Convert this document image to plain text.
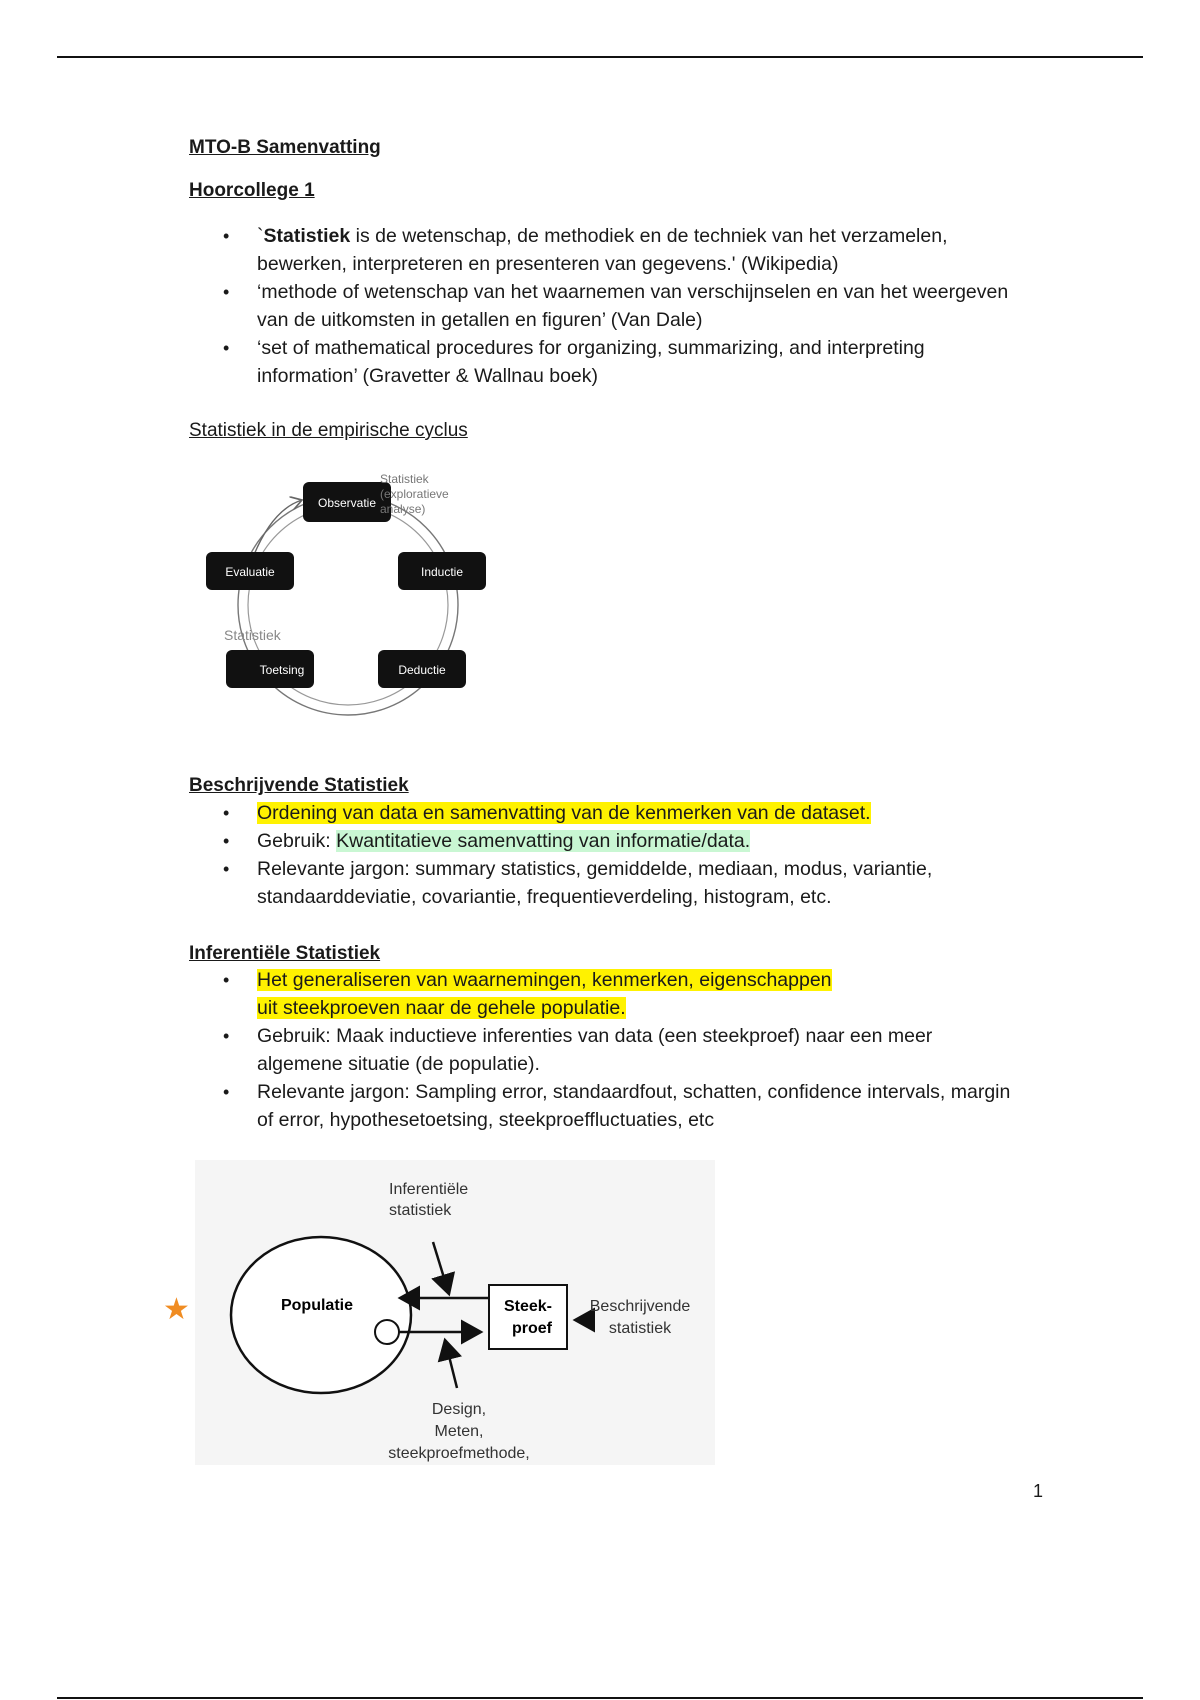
MTO-B Samenvatting
Hoorcollege 1
• `Statistiek is de wetenschap, de methodiek en de techniek van het verzamelen, bewerken, interpreteren en presenteren van gegevens.' (Wikipedia)
• ‘methode of wetenschap van het waarnemen van verschijnselen en van het weergeven van de uitkomsten in getallen en figuren’ (Van Dale)
• ‘set of mathematical procedures for organizing, summarizing, and interpreting information’ (Gravetter & Wallnau boek)
Statistiek in de empirische cyclus
Observatie
Inductie
Deductie
Toetsing
Evaluatie
Statistiek
(exploratieve
analyse)
Statistiek
Beschrijvende Statistiek
• Ordening van data en samenvatting van de kenmerken van de dataset.
• Gebruik: Kwantitatieve samenvatting van informatie/data.
• Relevante jargon: summary statistics, gemiddelde, mediaan, modus, variantie, standaarddeviatie, covariantie, frequentieverdeling, histogram, etc.
Inferentiële Statistiek
• Het generaliseren van waarnemingen, kenmerken, eigenschappen
uit steekproeven naar de gehele populatie.
• Gebruik: Maak inductieve inferenties van data (een steekproef) naar een meer algemene situatie (de populatie).
• Relevante jargon: Sampling error, standaardfout, schatten, confidence intervals, margin of error, hypothesetoetsing, steekproeffluctuaties, etc
★	Populatie	Steek-
proef
Inferentiële
statistiek
Beschrijvende
statistiek
Design,
Meten,
steekproefmethode,
1
